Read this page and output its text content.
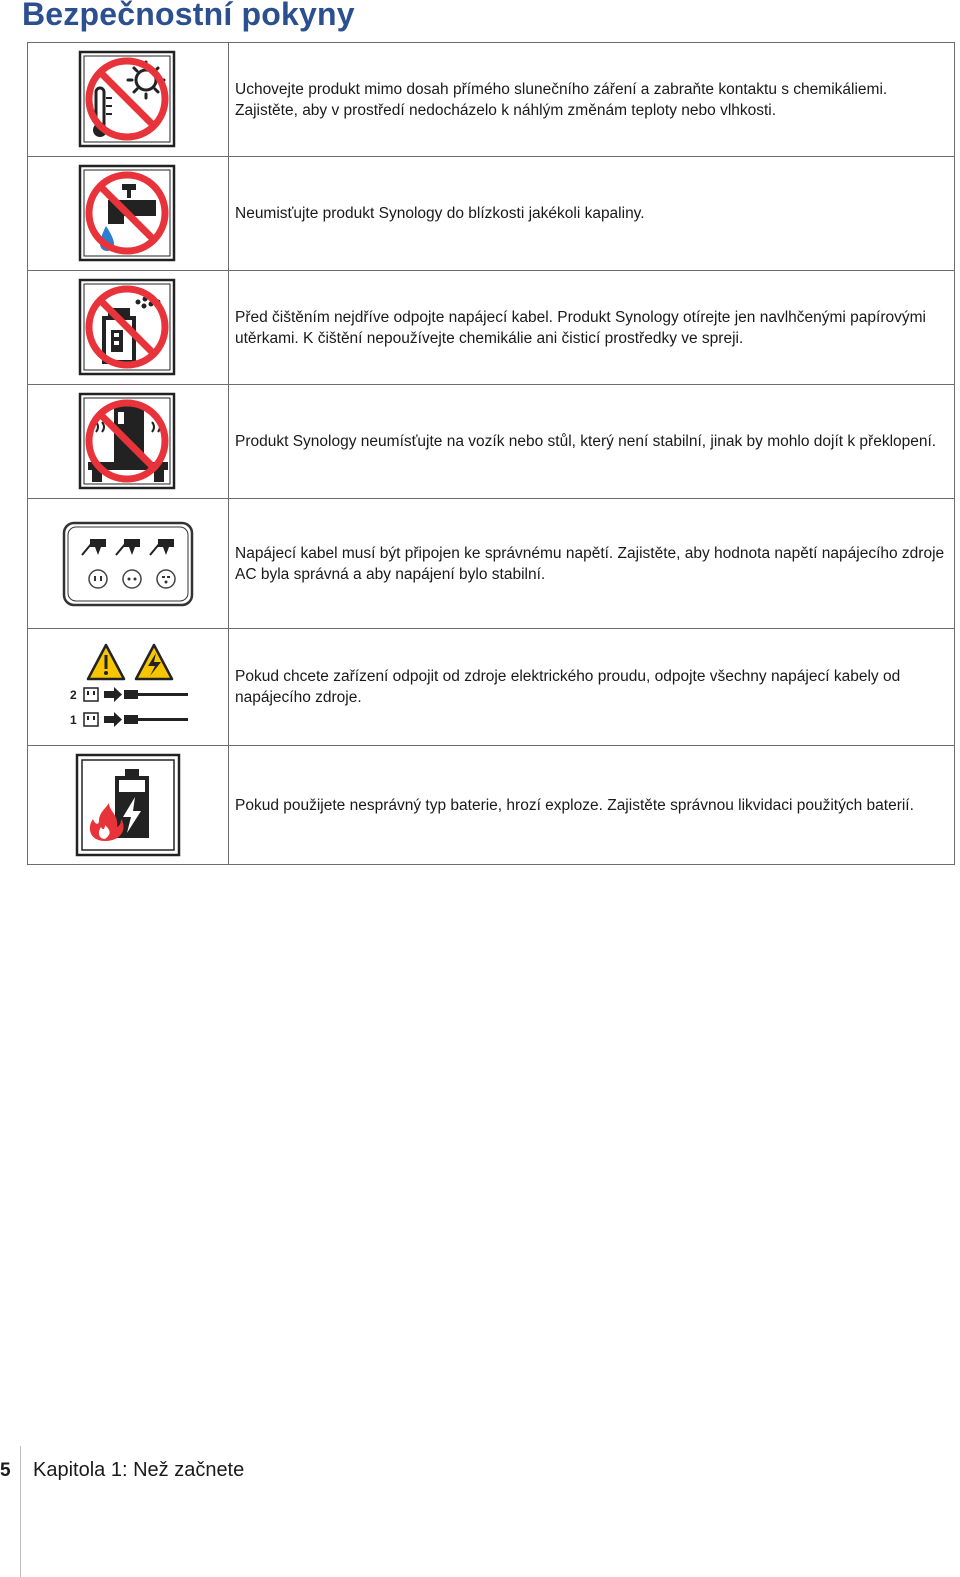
Bezpečnostní pokyny
	Uchovejte produkt mimo dosah přímého slunečního záření a zabraňte kontaktu s chemikáliemi. Zajistěte, aby v prostředí nedocházelo k náhlým změnám teploty nebo vlhkosti.

	Neumisťujte produkt Synology do blízkosti jakékoli kapaliny.

	Před čištěním nejdříve odpojte napájecí kabel. Produkt Synology otírejte jen navlhčenými papírovými utěrkami. K čištění nepoužívejte chemikálie ani čisticí prostředky ve spreji.

	Produkt Synology neumísťujte na vozík nebo stůl, který není stabilní, jinak by mohlo dojít k překlopení.

	Napájecí kabel musí být připojen ke správnému napětí. Zajistěte, aby hodnota napětí napájecího zdroje AC byla správná a aby napájení bylo stabilní.

2
1	Pokud chcete zařízení odpojit od zdroje elektrického proudu, odpojte všechny napájecí kabely od napájecího zdroje.

	Pokud použijete nesprávný typ baterie, hrozí exploze. Zajistěte správnou likvidaci použitých baterií.
5 Kapitola 1: Než začnete
